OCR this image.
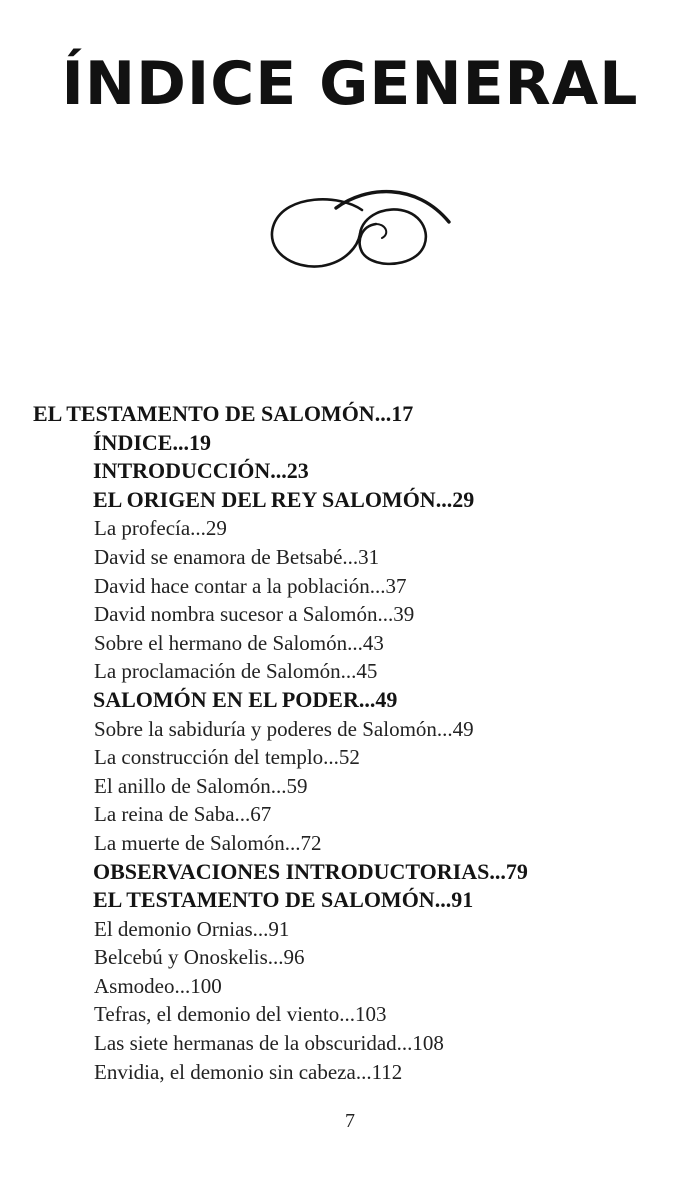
ÍNDICE GENERAL
EL TESTAMENTO DE SALOMÓN...17
ÍNDICE...19
INTRODUCCIÓN...23
EL ORIGEN DEL REY SALOMÓN...29
La profecía...29
David se enamora de Betsabé...31
David hace contar a la población...37
David nombra sucesor a Salomón...39
Sobre el hermano de Salomón...43
La proclamación de Salomón...45
SALOMÓN EN EL PODER...49
Sobre la sabiduría y poderes de Salomón...49
La construcción del templo...52
El anillo de Salomón...59
La reina de Saba...67
La muerte de Salomón...72
OBSERVACIONES INTRODUCTORIAS...79
EL TESTAMENTO DE SALOMÓN...91
El demonio Ornias...91
Belcebú y Onoskelis...96
Asmodeo...100
Tefras, el demonio del viento...103
Las siete hermanas de la obscuridad...108
Envidia, el demonio sin cabeza...112
7
